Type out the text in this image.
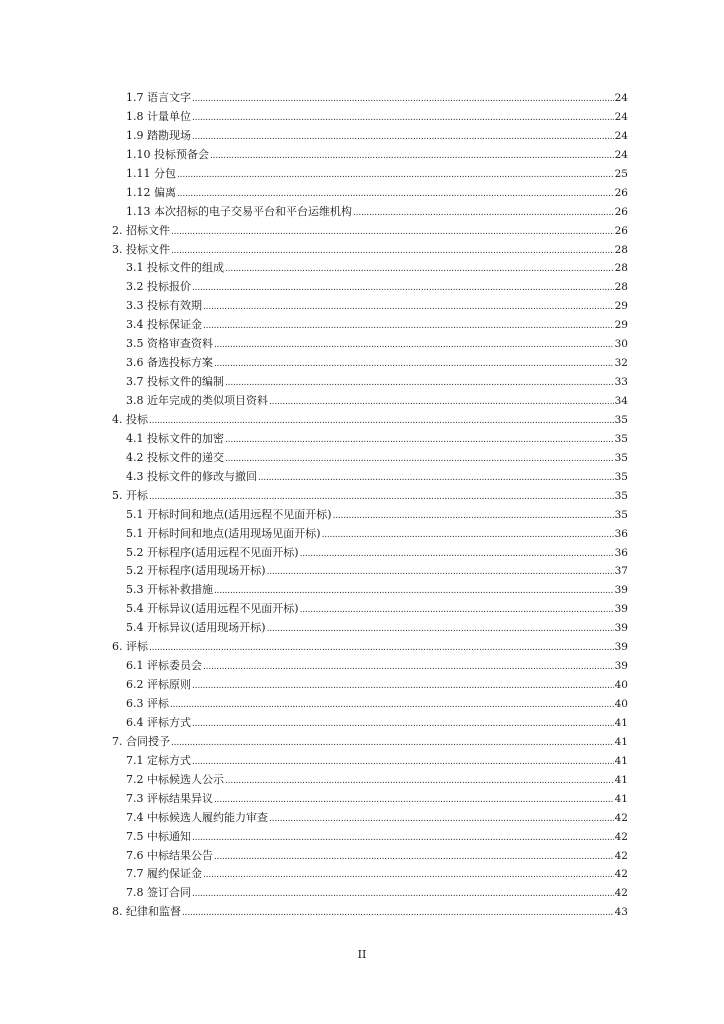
1.7 语言文字 .....	24
1.8 计量单位 .....	24
1.9 踏勘现场 .....	24
1.10 投标预备会 .....	24
1.11 分包 .....	25
1.12 偏离 .....	26
1.13 本次招标的电子交易平台和平台运维机构 .....	26
2. 招标文件 .....	26
3. 投标文件 .....	28
3.1 投标文件的组成 .....	28
3.2 投标报价 .....	28
3.3 投标有效期 .....	29
3.4 投标保证金 .....	29
3.5 资格审查资料 .....	30
3.6 备选投标方案 .....	32
3.7 投标文件的编制 .....	33
3.8 近年完成的类似项目资料 .....	34
4. 投标 .....	35
4.1 投标文件的加密 .....	35
4.2 投标文件的递交 .....	35
4.3 投标文件的修改与撤回 .....	35
5. 开标 .....	35
5.1 开标时间和地点(适用远程不见面开标) .....	35
5.1 开标时间和地点(适用现场见面开标) .....	36
5.2 开标程序(适用远程不见面开标) .....	36
5.2 开标程序(适用现场开标) .....	37
5.3 开标补救措施 .....	39
5.4 开标异议(适用远程不见面开标) .....	39
5.4 开标异议(适用现场开标) .....	39
6. 评标 .....	39
6.1 评标委员会 .....	39
6.2 评标原则 .....	40
6.3 评标 .....	40
6.4 评标方式 .....	41
7. 合同授予 .....	41
7.1 定标方式 .....	41
7.2 中标候选人公示 .....	41
7.3 评标结果异议 .....	41
7.4 中标候选人履约能力审查 .....	42
7.5 中标通知 .....	42
7.6 中标结果公告 .....	42
7.7 履约保证金 .....	42
7.8 签订合同 .....	42
8. 纪律和监督 .....	43
II
